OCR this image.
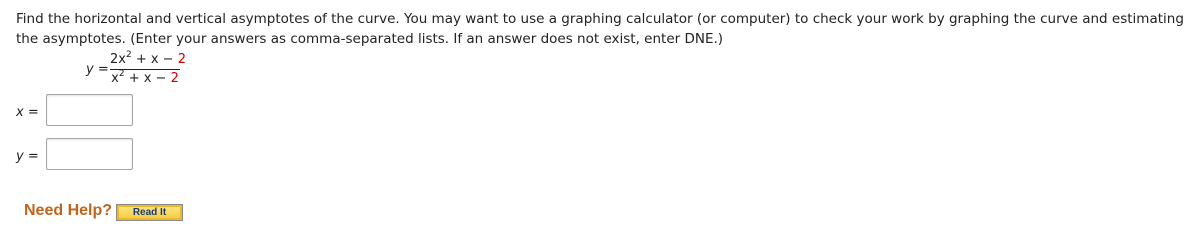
Find the horizontal and vertical asymptotes of the curve. You may want to use a graphing calculator (or computer) to check your work by graphing the curve and estimating the asymptotes. (Enter your answers as comma-separated lists. If an answer does not exist, enter DNE.)
y =
$2x^2 + x - 2$
$x^2 + x - 2$
x =
y =
Need Help?	Read It
